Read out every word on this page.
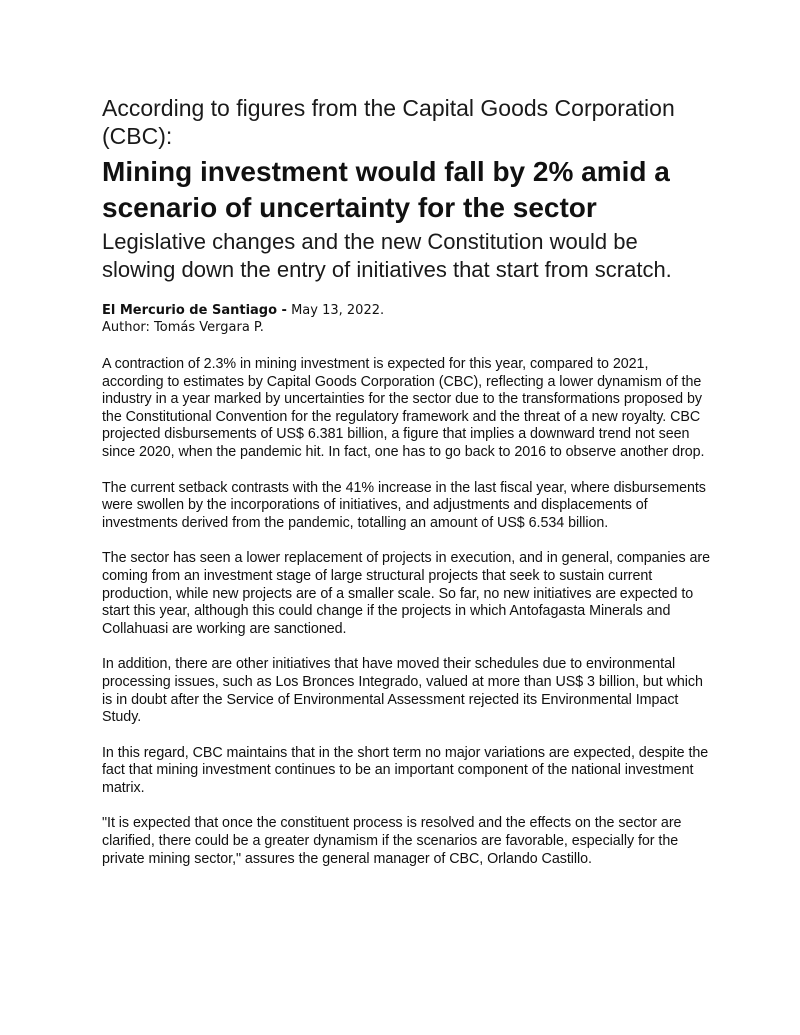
According to figures from the Capital Goods Corporation (CBC):
Mining investment would fall by 2% amid a scenario of uncertainty for the sector
Legislative changes and the new Constitution would be slowing down the entry of initiatives that start from scratch.
El Mercurio de Santiago - May 13, 2022.
Author: Tomás Vergara P.

A contraction of 2.3% in mining investment is expected for this year, compared to 2021, according to estimates by Capital Goods Corporation (CBC), reflecting a lower dynamism of the industry in a year marked by uncertainties for the sector due to the transformations proposed by the Constitutional Convention for the regulatory framework and the threat of a new royalty. CBC projected disbursements of US$ 6.381 billion, a figure that implies a downward trend not seen since 2020, when the pandemic hit. In fact, one has to go back to 2016 to observe another drop.

The current setback contrasts with the 41% increase in the last fiscal year, where disbursements were swollen by the incorporations of initiatives, and adjustments and displacements of investments derived from the pandemic, totalling an amount of US$ 6.534 billion.

The sector has seen a lower replacement of projects in execution, and in general, companies are coming from an investment stage of large structural projects that seek to sustain current production, while new projects are of a smaller scale. So far, no new initiatives are expected to start this year, although this could change if the projects in which Antofagasta Minerals and Collahuasi are working are sanctioned.

In addition, there are other initiatives that have moved their schedules due to environmental processing issues, such as Los Bronces Integrado, valued at more than US$ 3 billion, but which is in doubt after the Service of Environmental Assessment rejected its Environmental Impact Study.

In this regard, CBC maintains that in the short term no major variations are expected, despite the fact that mining investment continues to be an important component of the national investment matrix.

"It is expected that once the constituent process is resolved and the effects on the sector are clarified, there could be a greater dynamism if the scenarios are favorable, especially for the private mining sector," assures the general manager of CBC, Orlando Castillo.
